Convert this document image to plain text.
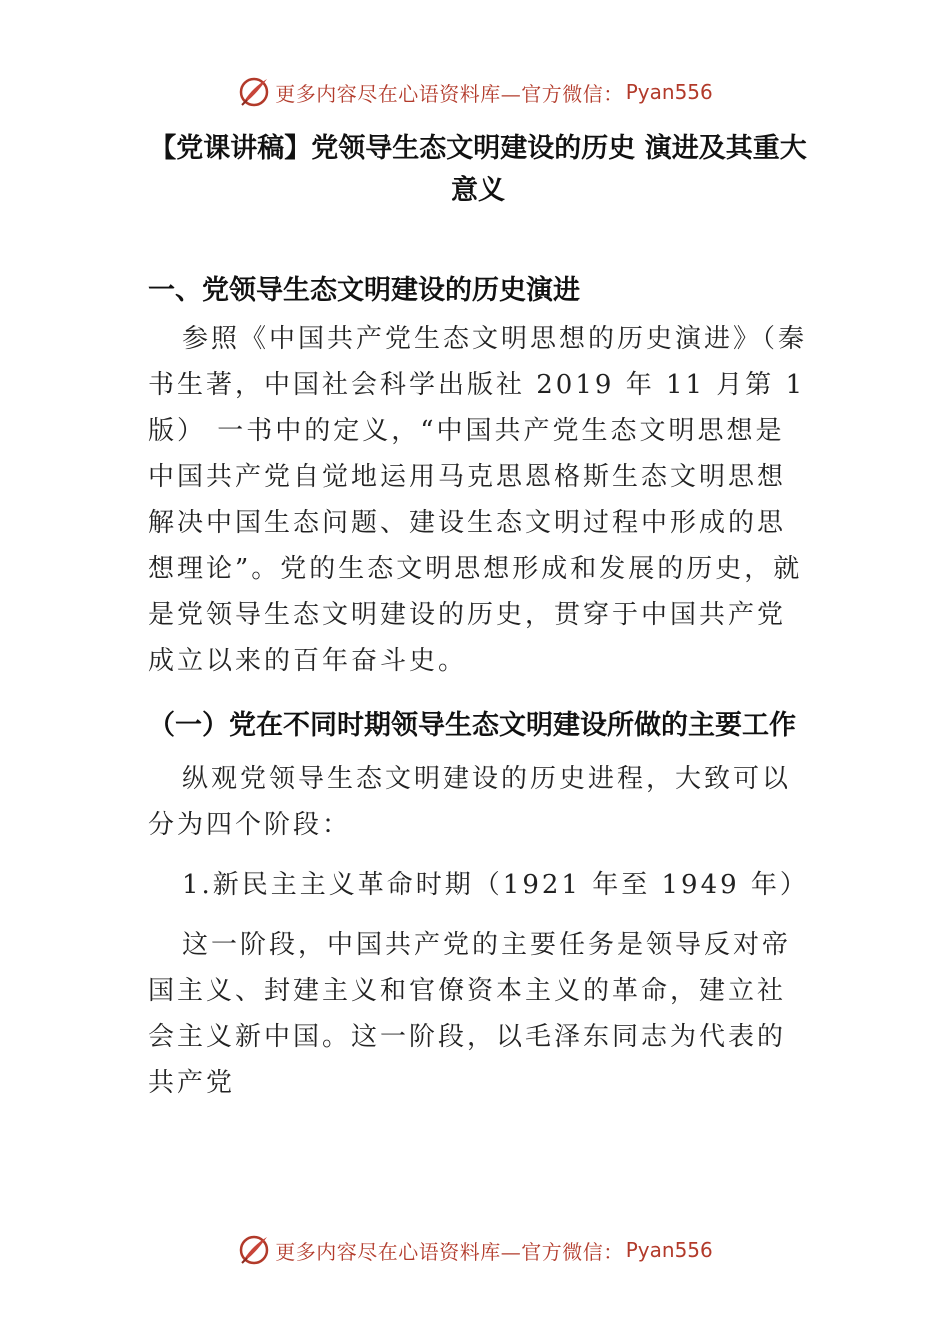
更多内容尽在心语资料库—官方微信： Pyan556
【党课讲稿】党领导生态文明建设的历史 演进及其重大意义
一、党领导生态文明建设的历史演进

参照《中国共产党生态文明思想的历史演进》（秦书生著，中国社会科学出版社 2019 年 11 月第 1 版） 一书中的定义，“中国共产党生态文明思想是中国共产党自觉地运用马克思恩格斯生态文明思想解决中国生态问题、建设生态文明过程中形成的思想理论”。党的生态文明思想形成和发展的历史，就是党领导生态文明建设的历史，贯穿于中国共产党成立以来的百年奋斗史。

（一）党在不同时期领导生态文明建设所做的主要工作

纵观党领导生态文明建设的历史进程，大致可以分为四个阶段：

1.新民主主义革命时期（1921 年至 1949 年）

这一阶段，中国共产党的主要任务是领导反对帝国主义、封建主义和官僚资本主义的革命，建立社会主义新中国。这一阶段，以毛泽东同志为代表的共产党

更多内容尽在心语资料库—官方微信： Pyan556
